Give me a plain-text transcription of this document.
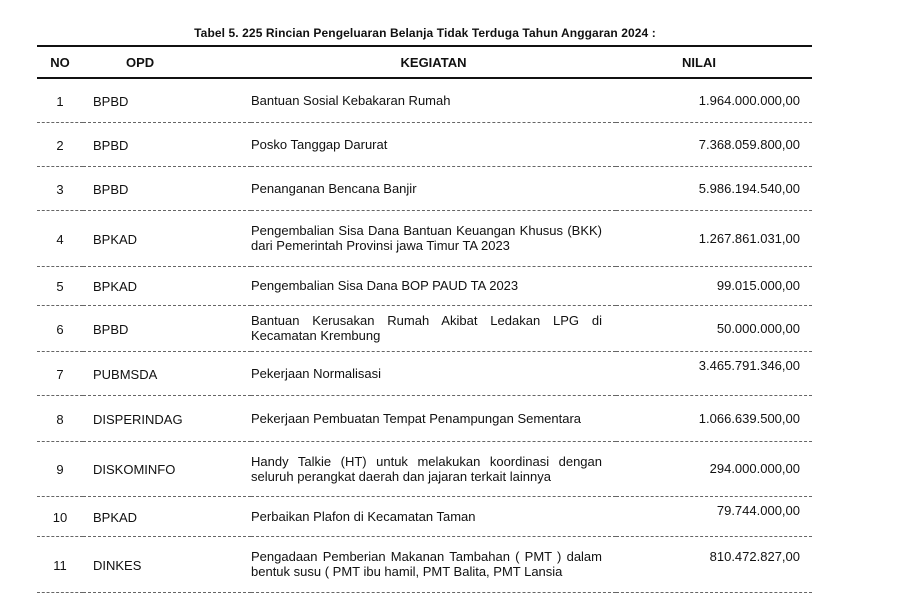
Tabel 5. 225 Rincian Pengeluaran Belanja Tidak Terduga Tahun Anggaran 2024 :
NO	OPD	KEGIATAN	NILAI
1	BPBD	Bantuan Sosial Kebakaran Rumah	1.964.000.000,00
2	BPBD	Posko Tanggap Darurat	7.368.059.800,00
3	BPBD	Penanganan Bencana Banjir	5.986.194.540,00
4	BPKAD	Pengembalian Sisa Dana Bantuan Keuangan Khusus (BKK) dari Pemerintah Provinsi jawa Timur TA 2023	1.267.861.031,00
5	BPKAD	Pengembalian Sisa Dana BOP PAUD TA 2023	99.015.000,00
6	BPBD	Bantuan Kerusakan Rumah Akibat Ledakan LPG di Kecamatan Krembung	50.000.000,00
7	PUBMSDA	Pekerjaan Normalisasi	3.465.791.346,00
8	DISPERINDAG	Pekerjaan Pembuatan Tempat Penampungan Sementara	1.066.639.500,00
9	DISKOMINFO	Handy Talkie (HT) untuk melakukan koordinasi dengan seluruh perangkat daerah dan jajaran terkait lainnya	294.000.000,00
10	BPKAD	Perbaikan Plafon di Kecamatan Taman	79.744.000,00
11	DINKES	Pengadaan Pemberian Makanan Tambahan ( PMT ) dalam bentuk susu ( PMT ibu hamil, PMT Balita, PMT Lansia	810.472.827,00
